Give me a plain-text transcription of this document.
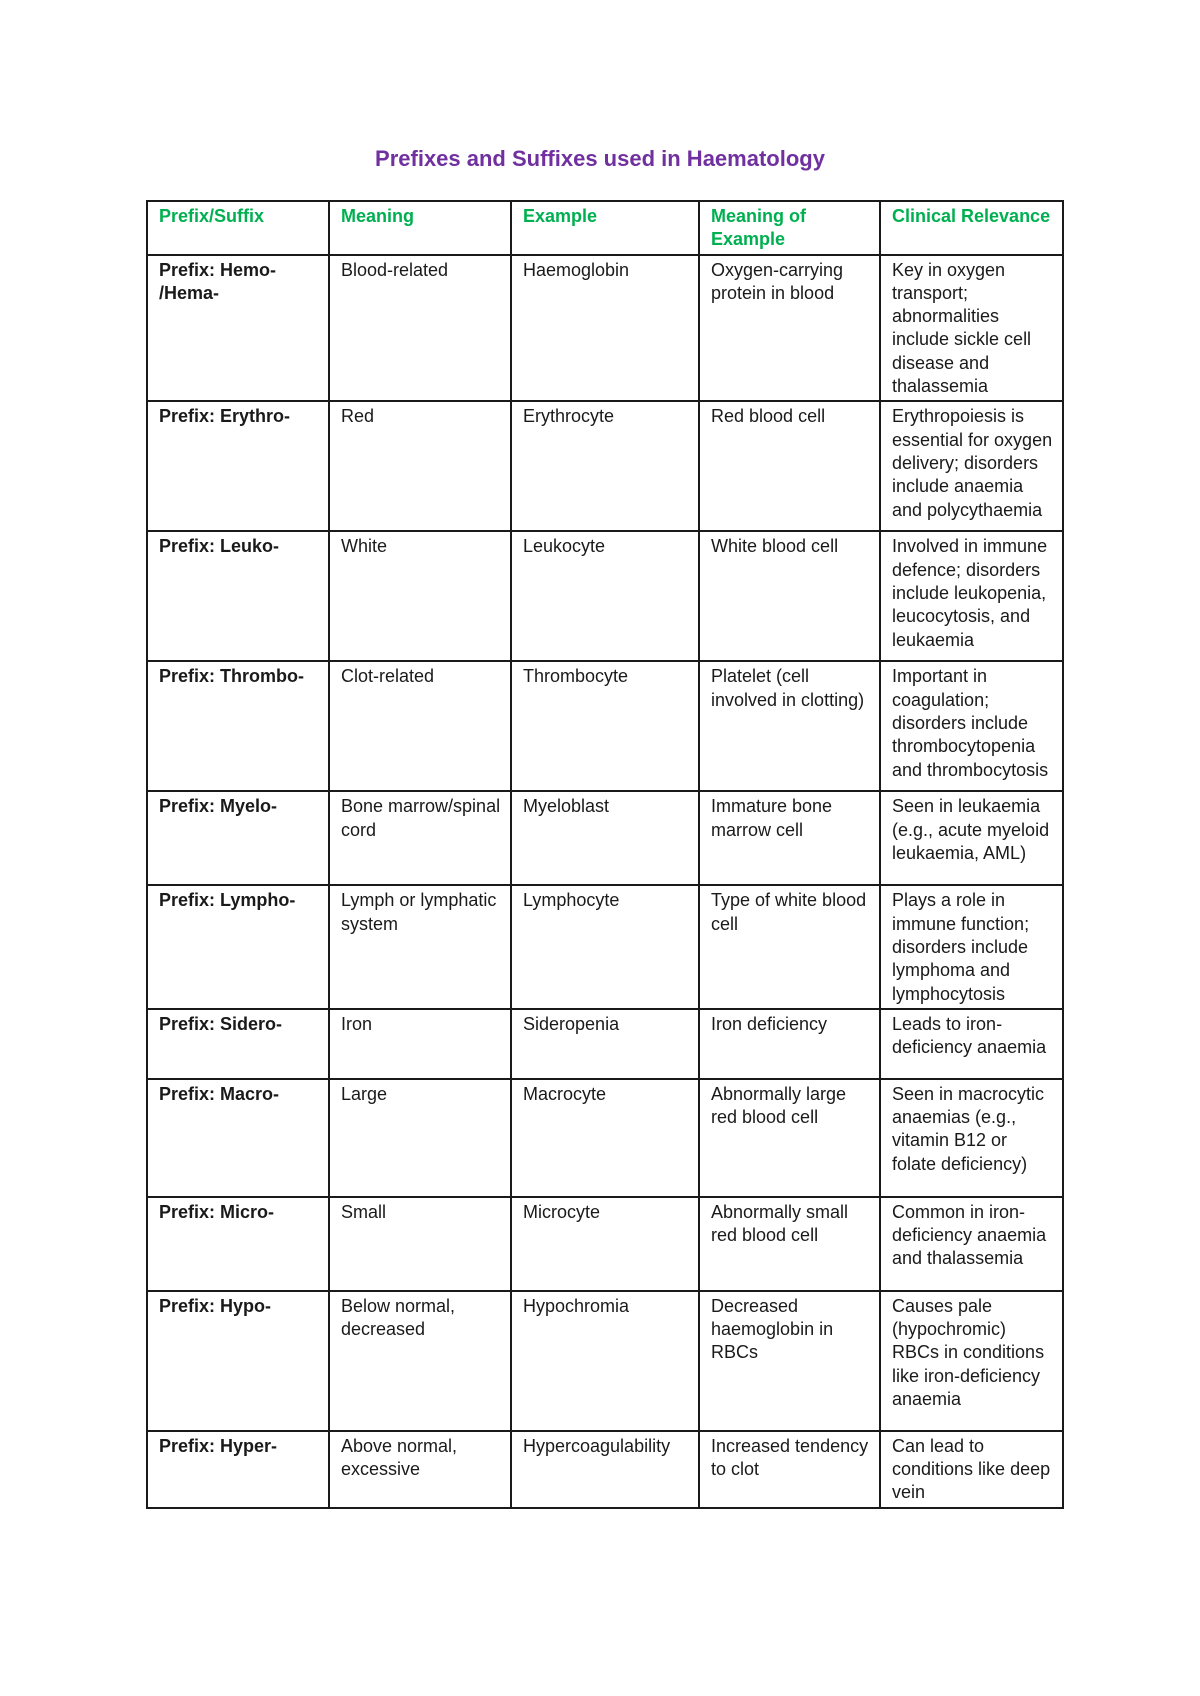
Prefixes and Suffixes used in Haematology
Prefix/Suffix	Meaning	Example	Meaning of Example	Clinical Relevance
Prefix: Hemo- /Hema-	Blood-related	Haemoglobin	Oxygen-carrying protein in blood	Key in oxygen transport; abnormalities include sickle cell disease and thalassemia
Prefix: Erythro-	Red	Erythrocyte	Red blood cell	Erythropoiesis is essential for oxygen delivery; disorders include anaemia and polycythaemia
Prefix: Leuko-	White	Leukocyte	White blood cell	Involved in immune defence; disorders include leukopenia, leucocytosis, and leukaemia
Prefix: Thrombo-	Clot-related	Thrombocyte	Platelet (cell involved in clotting)	Important in coagulation; disorders include thrombocytopenia and thrombocytosis
Prefix: Myelo-	Bone marrow/spinal cord	Myeloblast	Immature bone marrow cell	Seen in leukaemia (e.g., acute myeloid leukaemia, AML)
Prefix: Lympho-	Lymph or lymphatic system	Lymphocyte	Type of white blood cell	Plays a role in immune function; disorders include lymphoma and lymphocytosis
Prefix: Sidero-	Iron	Sideropenia	Iron deficiency	Leads to iron-deficiency anaemia
Prefix: Macro-	Large	Macrocyte	Abnormally large red blood cell	Seen in macrocytic anaemias (e.g., vitamin B12 or folate deficiency)
Prefix: Micro-	Small	Microcyte	Abnormally small red blood cell	Common in iron-deficiency anaemia and thalassemia
Prefix: Hypo-	Below normal, decreased	Hypochromia	Decreased haemoglobin in RBCs	Causes pale (hypochromic) RBCs in conditions like iron-deficiency anaemia
Prefix: Hyper-	Above normal, excessive	Hypercoagulability	Increased tendency to clot	Can lead to conditions like deep vein
